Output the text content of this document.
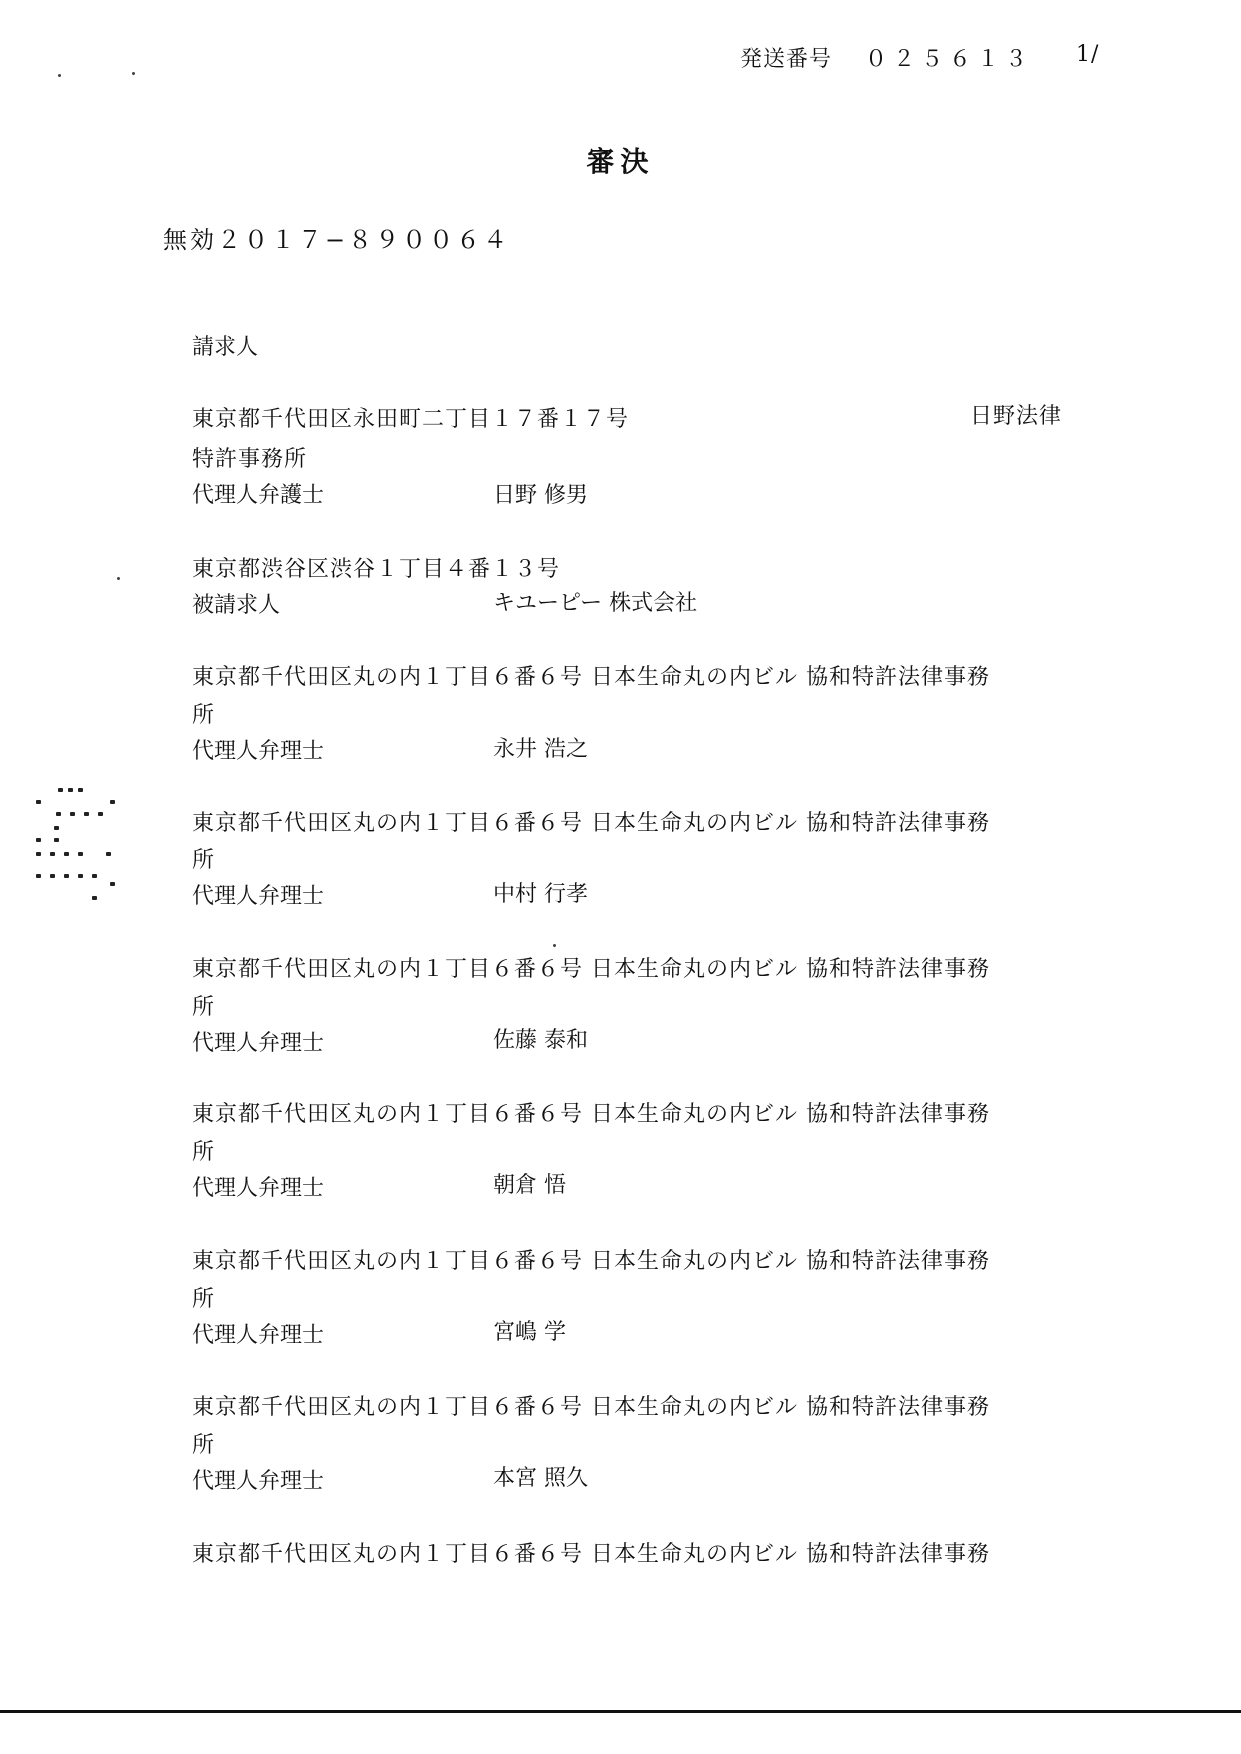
発送番号 ０２５６１３ 1/
審決
無効２０１７−８９００６４
請求人
東京都千代田区永田町二丁目１７番１７号	日野法律
特許事務所
代理人弁護士	日野 修男
東京都渋谷区渋谷１丁目４番１３号
被請求人	キユーピー 株式会社
東京都千代田区丸の内１丁目６番６号 日本生命丸の内ビル 協和特許法律事務
所
代理人弁理士	永井 浩之
東京都千代田区丸の内１丁目６番６号 日本生命丸の内ビル 協和特許法律事務
所
代理人弁理士	中村 行孝
東京都千代田区丸の内１丁目６番６号 日本生命丸の内ビル 協和特許法律事務
所
代理人弁理士	佐藤 泰和
東京都千代田区丸の内１丁目６番６号 日本生命丸の内ビル 協和特許法律事務
所
代理人弁理士	朝倉 悟
東京都千代田区丸の内１丁目６番６号 日本生命丸の内ビル 協和特許法律事務
所
代理人弁理士	宮嶋 学
東京都千代田区丸の内１丁目６番６号 日本生命丸の内ビル 協和特許法律事務
所
代理人弁理士	本宮 照久
東京都千代田区丸の内１丁目６番６号 日本生命丸の内ビル 協和特許法律事務
